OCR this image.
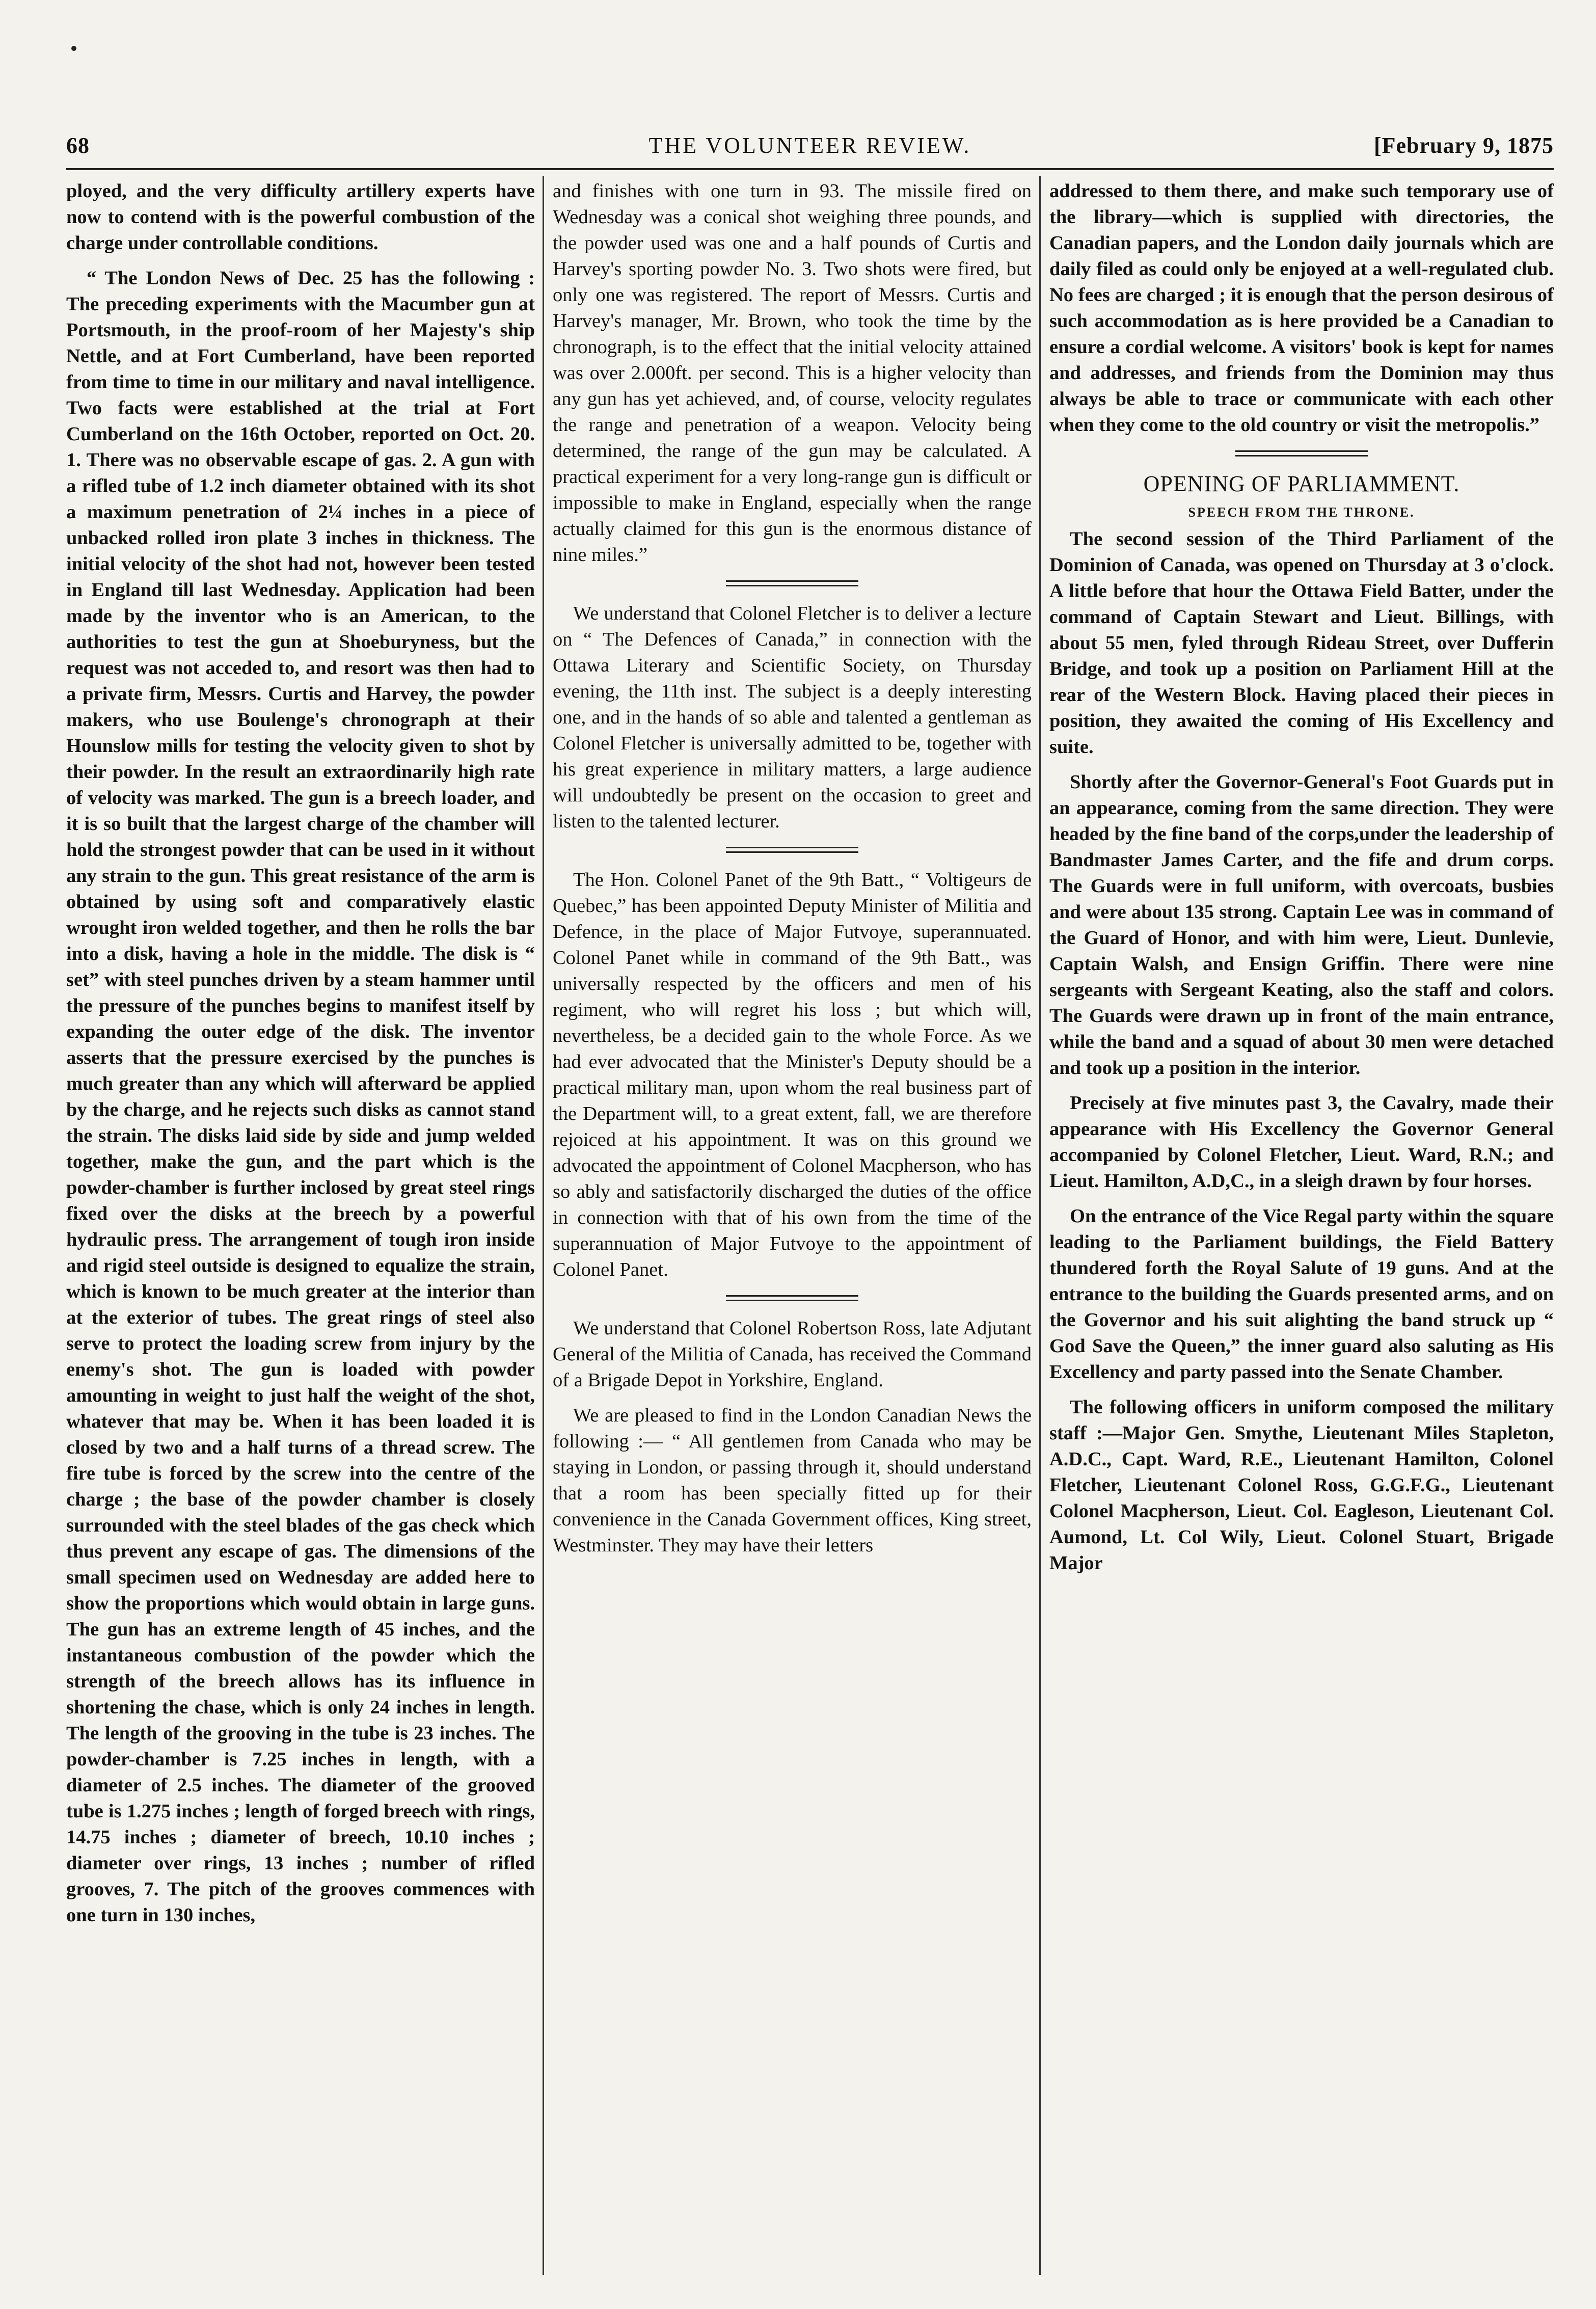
68	THE VOLUNTEER REVIEW.	[February 9, 1875

ployed, and the very difficulty artillery experts have now to contend with is the powerful combustion of the charge under controllable conditions.

“ The London News of Dec. 25 has the following : The preceding experiments with the Macumber gun at Portsmouth, in the proof-room of her Majesty's ship Nettle, and at Fort Cumberland, have been reported from time to time in our military and naval intelligence. Two facts were established at the trial at Fort Cumberland on the 16th October, reported on Oct. 20. 1. There was no observable escape of gas. 2. A gun with a rifled tube of 1.2 inch diameter obtained with its shot a maximum penetration of 2¼ inches in a piece of unbacked rolled iron plate 3 inches in thickness. The initial velocity of the shot had not, however been tested in England till last Wednesday. Application had been made by the inventor who is an American, to the authorities to test the gun at Shoeburyness, but the request was not acceded to, and resort was then had to a private firm, Messrs. Curtis and Harvey, the powder makers, who use Boulenge's chronograph at their Hounslow mills for testing the velocity given to shot by their powder. In the result an extraordinarily high rate of velocity was marked. The gun is a breech loader, and it is so built that the largest charge of the chamber will hold the strongest powder that can be used in it without any strain to the gun. This great resistance of the arm is obtained by using soft and comparatively elastic wrought iron welded together, and then he rolls the bar into a disk, having a hole in the middle. The disk is “ set” with steel punches driven by a steam hammer until the pressure of the punches begins to manifest itself by expanding the outer edge of the disk. The inventor asserts that the pressure exercised by the punches is much greater than any which will afterward be applied by the charge, and he rejects such disks as cannot stand the strain. The disks laid side by side and jump welded together, make the gun, and the part which is the powder-chamber is further inclosed by great steel rings fixed over the disks at the breech by a powerful hydraulic press. The arrangement of tough iron inside and rigid steel outside is designed to equalize the strain, which is known to be much greater at the interior than at the exterior of tubes. The great rings of steel also serve to protect the loading screw from injury by the enemy's shot. The gun is loaded with powder amounting in weight to just half the weight of the shot, whatever that may be. When it has been loaded it is closed by two and a half turns of a thread screw. The fire tube is forced by the screw into the centre of the charge ; the base of the powder chamber is closely surrounded with the steel blades of the gas check which thus prevent any escape of gas. The dimensions of the small specimen used on Wednesday are added here to show the proportions which would obtain in large guns. The gun has an extreme length of 45 inches, and the instantaneous combustion of the powder which the strength of the breech allows has its influence in shortening the chase, which is only 24 inches in length. The length of the grooving in the tube is 23 inches. The powder-chamber is 7.25 inches in length, with a diameter of 2.5 inches. The diameter of the grooved tube is 1.275 inches ; length of forged breech with rings, 14.75 inches ; diameter of breech, 10.10 inches ; diameter over rings, 13 inches ; number of rifled grooves, 7. The pitch of the grooves commences with one turn in 130 inches,

and finishes with one turn in 93. The missile fired on Wednesday was a conical shot weighing three pounds, and the powder used was one and a half pounds of Curtis and Harvey's sporting powder No. 3. Two shots were fired, but only one was registered. The report of Messrs. Curtis and Harvey's manager, Mr. Brown, who took the time by the chronograph, is to the effect that the initial velocity attained was over 2.000ft. per second. This is a higher velocity than any gun has yet achieved, and, of course, velocity regulates the range and penetration of a weapon. Velocity being determined, the range of the gun may be calculated. A practical experiment for a very long-range gun is difficult or impossible to make in England, especially when the range actually claimed for this gun is the enormous distance of nine miles.”

We understand that Colonel Fletcher is to deliver a lecture on “ The Defences of Canada,” in connection with the Ottawa Literary and Scientific Society, on Thursday evening, the 11th inst. The subject is a deeply interesting one, and in the hands of so able and talented a gentleman as Colonel Fletcher is universally admitted to be, together with his great experience in military matters, a large audience will undoubtedly be present on the occasion to greet and listen to the talented lecturer.

The Hon. Colonel Panet of the 9th Batt., “ Voltigeurs de Quebec,” has been appointed Deputy Minister of Militia and Defence, in the place of Major Futvoye, superannuated. Colonel Panet while in command of the 9th Batt., was universally respected by the officers and men of his regiment, who will regret his loss ; but which will, nevertheless, be a decided gain to the whole Force. As we had ever advocated that the Minister's Deputy should be a practical military man, upon whom the real business part of the Department will, to a great extent, fall, we are therefore rejoiced at his appointment. It was on this ground we advocated the appointment of Colonel Macpherson, who has so ably and satisfactorily discharged the duties of the office in connection with that of his own from the time of the superannuation of Major Futvoye to the appointment of Colonel Panet.

We understand that Colonel Robertson Ross, late Adjutant General of the Militia of Canada, has received the Command of a Brigade Depot in Yorkshire, England.

We are pleased to find in the London Canadian News the following :— “ All gentlemen from Canada who may be staying in London, or passing through it, should understand that a room has been specially fitted up for their convenience in the Canada Government offices, King street, Westminster. They may have their letters

addressed to them there, and make such temporary use of the library—which is supplied with directories, the Canadian papers, and the London daily journals which are daily filed as could only be enjoyed at a well-regulated club. No fees are charged ; it is enough that the person desirous of such accommodation as is here provided be a Canadian to ensure a cordial welcome. A visitors' book is kept for names and addresses, and friends from the Dominion may thus always be able to trace or communicate with each other when they come to the old country or visit the metropolis.”

OPENING OF PARLIAMMENT.
SPEECH FROM THE THRONE.

The second session of the Third Parliament of the Dominion of Canada, was opened on Thursday at 3 o'clock. A little before that hour the Ottawa Field Batter, under the command of Captain Stewart and Lieut. Billings, with about 55 men, fyled through Rideau Street, over Dufferin Bridge, and took up a position on Parliament Hill at the rear of the Western Block. Having placed their pieces in position, they awaited the coming of His Excellency and suite.

Shortly after the Governor-General's Foot Guards put in an appearance, coming from the same direction. They were headed by the fine band of the corps,under the leadership of Bandmaster James Carter, and the fife and drum corps. The Guards were in full uniform, with overcoats, busbies and were about 135 strong. Captain Lee was in command of the Guard of Honor, and with him were, Lieut. Dunlevie, Captain Walsh, and Ensign Griffin. There were nine sergeants with Sergeant Keating, also the staff and colors. The Guards were drawn up in front of the main entrance, while the band and a squad of about 30 men were detached and took up a position in the interior.

Precisely at five minutes past 3, the Cavalry, made their appearance with His Excellency the Governor General accompanied by Colonel Fletcher, Lieut. Ward, R.N.; and Lieut. Hamilton, A.D,C., in a sleigh drawn by four horses.

On the entrance of the Vice Regal party within the square leading to the Parliament buildings, the Field Battery thundered forth the Royal Salute of 19 guns. And at the entrance to the building the Guards presented arms, and on the Governor and his suit alighting the band struck up “ God Save the Queen,” the inner guard also saluting as His Excellency and party passed into the Senate Chamber.

The following officers in uniform composed the military staff :—Major Gen. Smythe, Lieutenant Miles Stapleton, A.D.C., Capt. Ward, R.E., Lieutenant Hamilton, Colonel Fletcher, Lieutenant Colonel Ross, G.G.F.G., Lieutenant Colonel Macpherson, Lieut. Col. Eagleson, Lieutenant Col. Aumond, Lt. Col Wily, Lieut. Colonel Stuart, Brigade Major
